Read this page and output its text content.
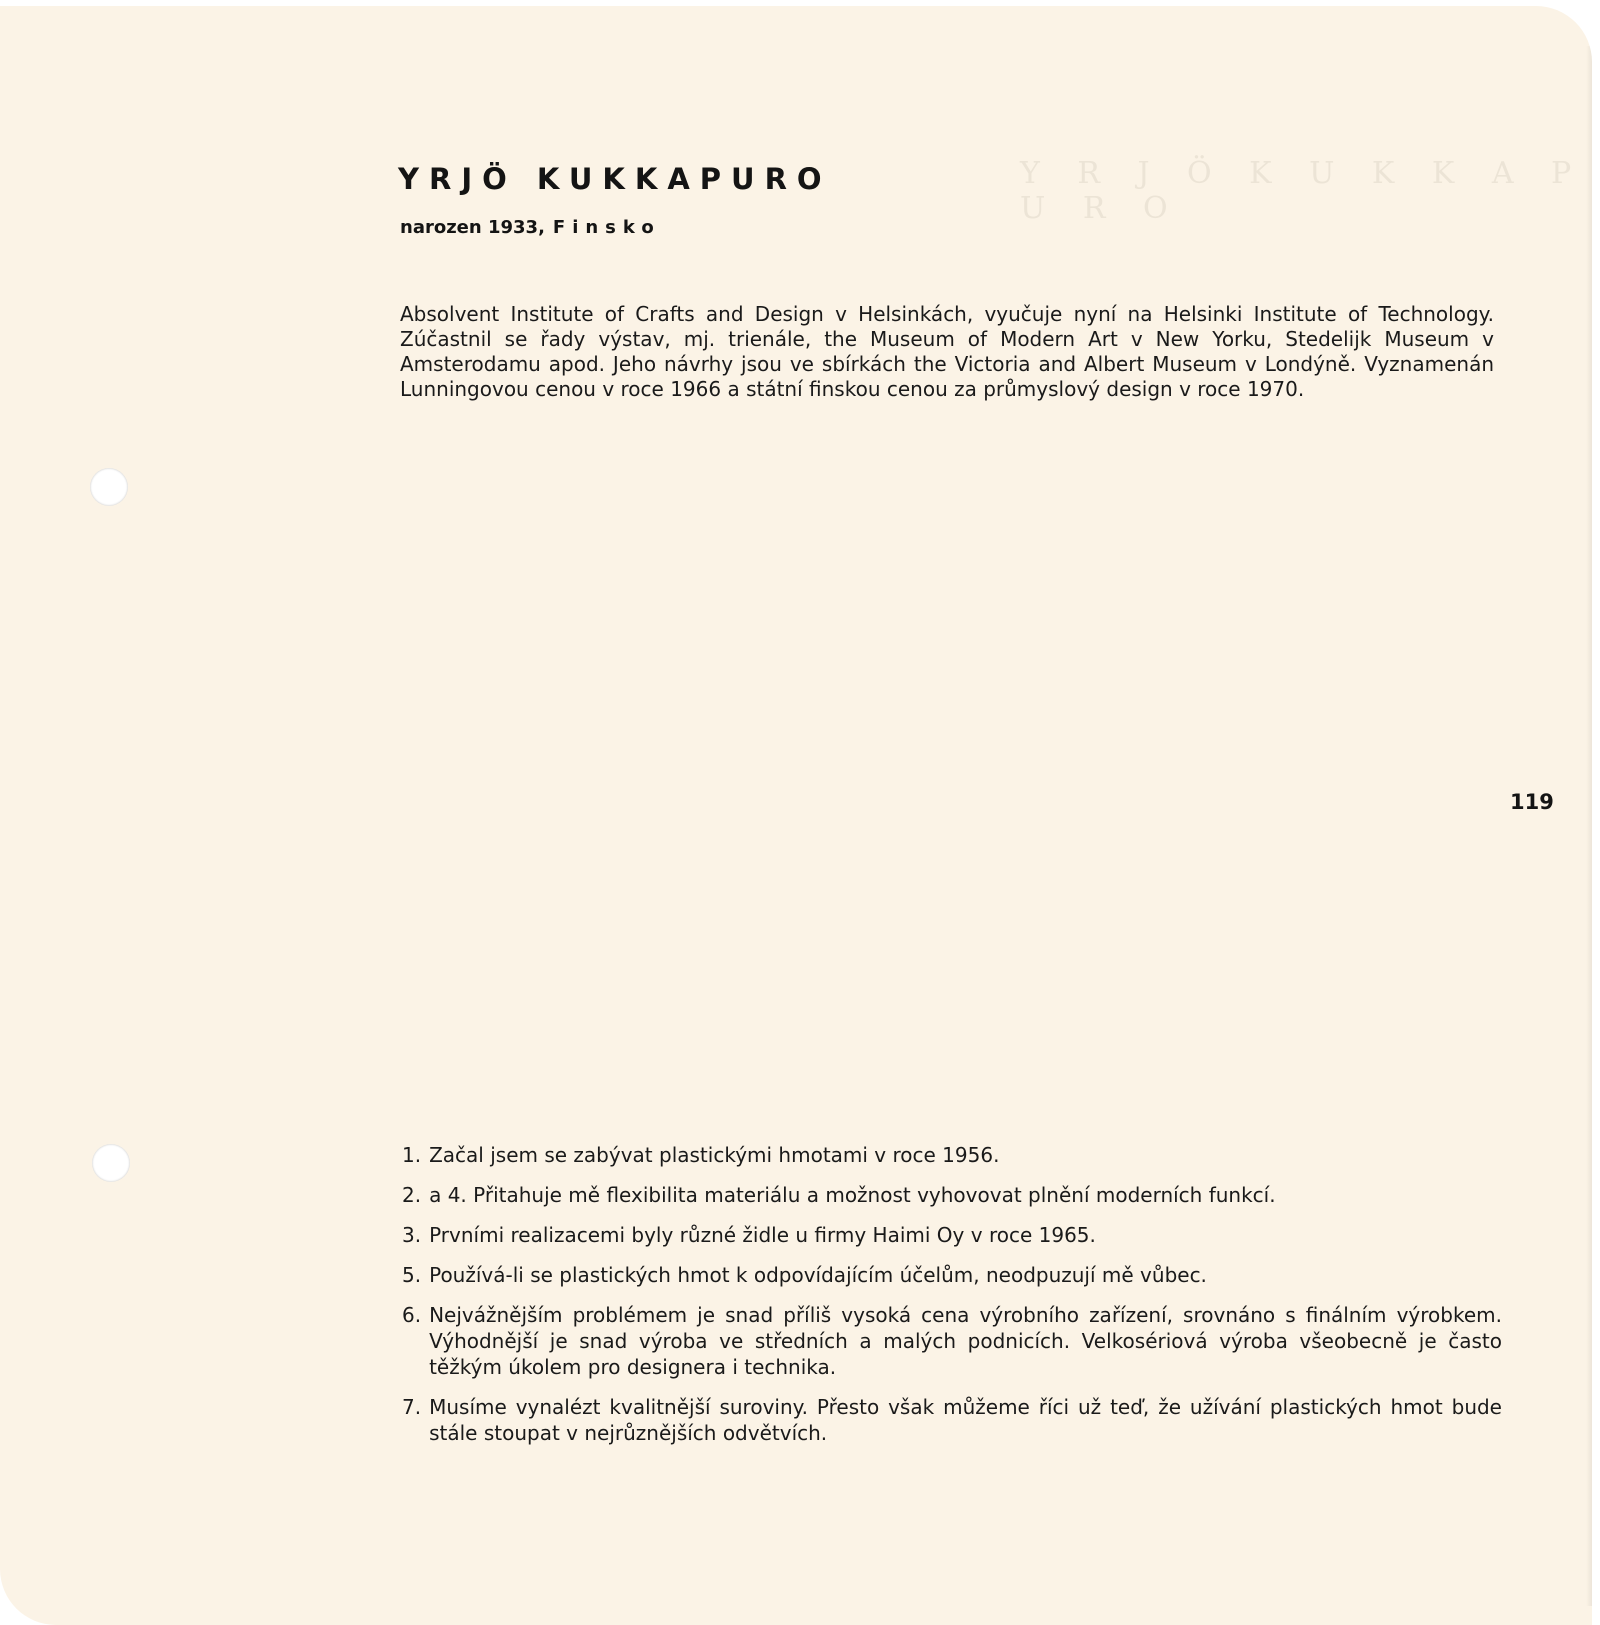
Y R J Ö K U K K A P U R O
YRJÖ KUKKAPURO
narozen 1933, Finsko

Absolvent Institute of Crafts and Design v Helsinkách, vyučuje nyní na Helsinki Institute of Technology. Zúčastnil se řady výstav, mj. trienále, the Museum of Modern Art v New Yorku, Stedelijk Museum v Amsterodamu apod. Jeho návrhy jsou ve sbírkách the Victoria and Albert Museum v Londýně. Vyznamenán Lunningovou cenou v roce 1966 a státní finskou cenou za průmyslový design v roce 1970.

119
1. Začal jsem se zabývat plastickými hmotami v roce 1956.
2. a 4. Přitahuje mě flexibilita materiálu a možnost vyhovovat plnění moderních funkcí.
3. Prvními realizacemi byly různé židle u firmy Haimi Oy v roce 1965.
5. Používá-li se plastických hmot k odpovídajícím účelům, neodpuzují mě vůbec.
6. Nejvážnějším problémem je snad příliš vysoká cena výrobního zařízení, srovnáno s finálním výrobkem. Výhodnější je snad výroba ve středních a malých podnicích. Velkosériová výroba všeobecně je často těžkým úkolem pro designera i technika.
7. Musíme vynalézt kvalitnější suroviny. Přesto však můžeme říci už teď, že užívání plastických hmot bude stále stoupat v nejrůznějších odvětvích.
